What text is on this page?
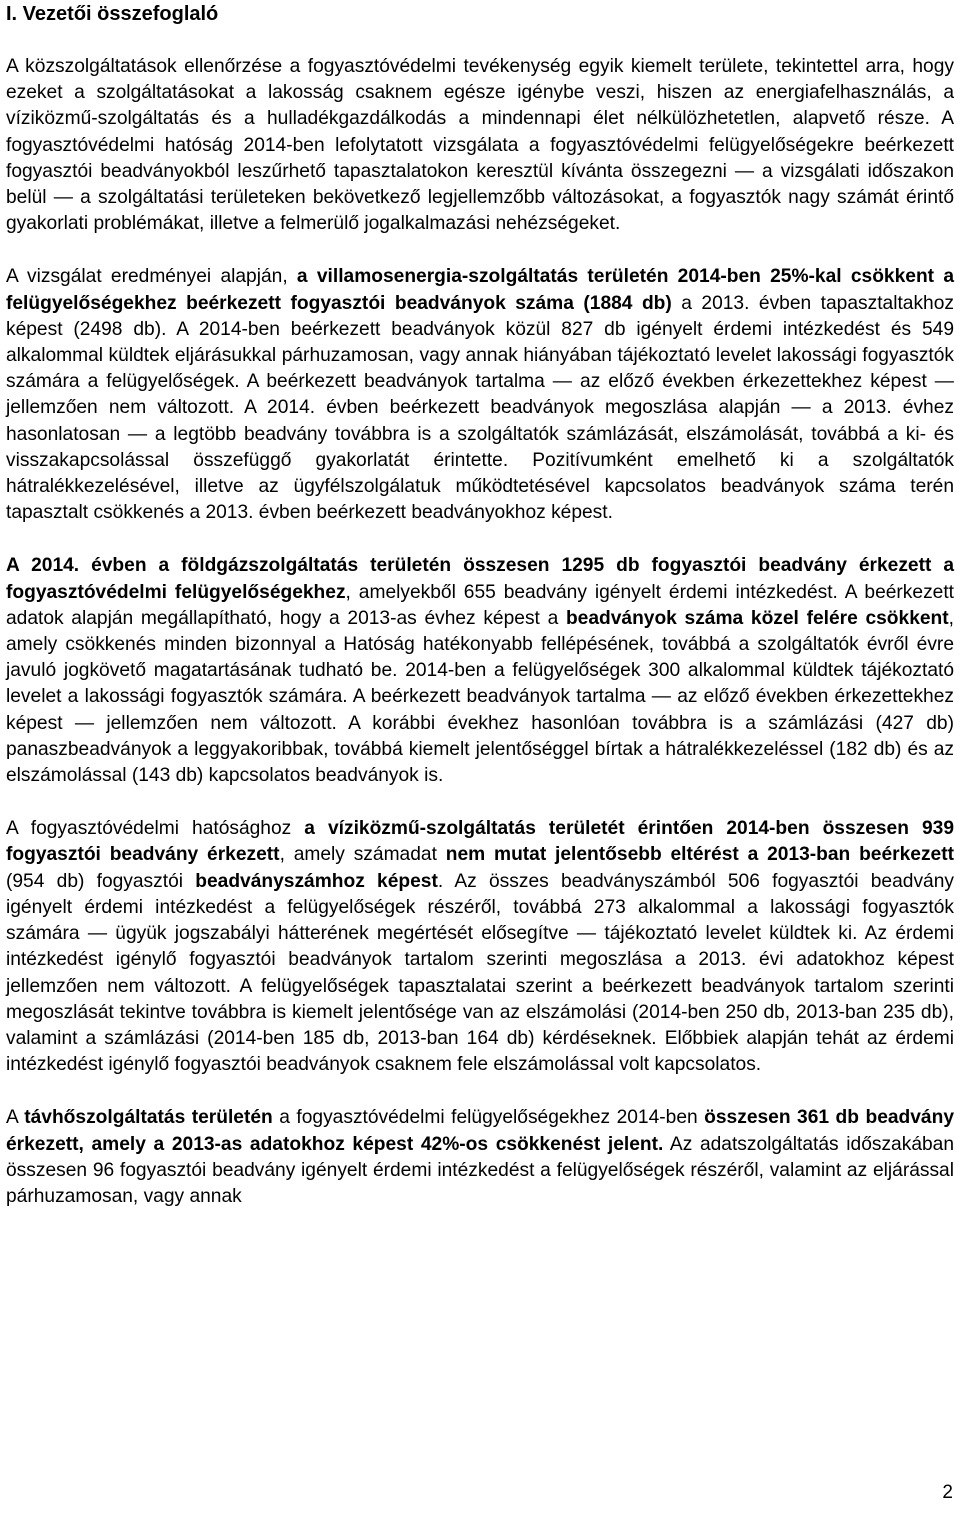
I. Vezetői összefoglaló

A közszolgáltatások ellenőrzése a fogyasztóvédelmi tevékenység egyik kiemelt területe, tekintettel arra, hogy ezeket a szolgáltatásokat a lakosság csaknem egésze igénybe veszi, hiszen az energiafelhasználás, a víziközmű-szolgáltatás és a hulladékgazdálkodás a mindennapi élet nélkülözhetetlen, alapvető része. A fogyasztóvédelmi hatóság 2014-ben lefolytatott vizsgálata a fogyasztóvédelmi felügyelőségekre beérkezett fogyasztói beadványokból leszűrhető tapasztalatokon keresztül kívánta összegezni ― a vizsgálati időszakon belül ― a szolgáltatási területeken bekövetkező legjellemzőbb változásokat, a fogyasztók nagy számát érintő gyakorlati problémákat, illetve a felmerülő jogalkalmazási nehézségeket.

A vizsgálat eredményei alapján, a villamosenergia-szolgáltatás területén 2014-ben 25%-kal csökkent a felügyelőségekhez beérkezett fogyasztói beadványok száma (1884 db) a 2013. évben tapasztaltakhoz képest (2498 db). A 2014-ben beérkezett beadványok közül 827 db igényelt érdemi intézkedést és 549 alkalommal küldtek eljárásukkal párhuzamosan, vagy annak hiányában tájékoztató levelet lakossági fogyasztók számára a felügyelőségek. A beérkezett beadványok tartalma ― az előző években érkezettekhez képest ― jellemzően nem változott. A 2014. évben beérkezett beadványok megoszlása alapján ― a 2013. évhez hasonlatosan ― a legtöbb beadvány továbbra is a szolgáltatók számlázását, elszámolását, továbbá a ki- és visszakapcsolással összefüggő gyakorlatát érintette. Pozitívumként emelhető ki a szolgáltatók hátralékkezelésével, illetve az ügyfélszolgálatuk működtetésével kapcsolatos beadványok száma terén tapasztalt csökkenés a 2013. évben beérkezett beadványokhoz képest.

A 2014. évben a földgázszolgáltatás területén összesen 1295 db fogyasztói beadvány érkezett a fogyasztóvédelmi felügyelőségekhez, amelyekből 655 beadvány igényelt érdemi intézkedést. A beérkezett adatok alapján megállapítható, hogy a 2013-as évhez képest a beadványok száma közel felére csökkent, amely csökkenés minden bizonnyal a Hatóság hatékonyabb fellépésének, továbbá a szolgáltatók évről évre javuló jogkövető magatartásának tudható be. 2014-ben a felügyelőségek 300 alkalommal küldtek tájékoztató levelet a lakossági fogyasztók számára. A beérkezett beadványok tartalma ― az előző években érkezettekhez képest ― jellemzően nem változott. A korábbi évekhez hasonlóan továbbra is a számlázási (427 db) panaszbeadványok a leggyakoribbak, továbbá kiemelt jelentőséggel bírtak a hátralékkezeléssel (182 db) és az elszámolással (143 db) kapcsolatos beadványok is.

A fogyasztóvédelmi hatósághoz a víziközmű-szolgáltatás területét érintően 2014-ben összesen 939 fogyasztói beadvány érkezett, amely számadat nem mutat jelentősebb eltérést a 2013-ban beérkezett (954 db) fogyasztói beadványszámhoz képest. Az összes beadványszámból 506 fogyasztói beadvány igényelt érdemi intézkedést a felügyelőségek részéről, továbbá 273 alkalommal a lakossági fogyasztók számára ― ügyük jogszabályi hátterének megértését elősegítve ― tájékoztató levelet küldtek ki. Az érdemi intézkedést igénylő fogyasztói beadványok tartalom szerinti megoszlása a 2013. évi adatokhoz képest jellemzően nem változott. A felügyelőségek tapasztalatai szerint a beérkezett beadványok tartalom szerinti megoszlását tekintve továbbra is kiemelt jelentősége van az elszámolási (2014-ben 250 db, 2013-ban 235 db), valamint a számlázási (2014-ben 185 db, 2013-ban 164 db) kérdéseknek. Előbbiek alapján tehát az érdemi intézkedést igénylő fogyasztói beadványok csaknem fele elszámolással volt kapcsolatos.

A távhőszolgáltatás területén a fogyasztóvédelmi felügyelőségekhez 2014-ben összesen 361 db beadvány érkezett, amely a 2013-as adatokhoz képest 42%-os csökkenést jelent. Az adatszolgáltatás időszakában összesen 96 fogyasztói beadvány igényelt érdemi intézkedést a felügyelőségek részéről, valamint az eljárással párhuzamosan, vagy annak

2
